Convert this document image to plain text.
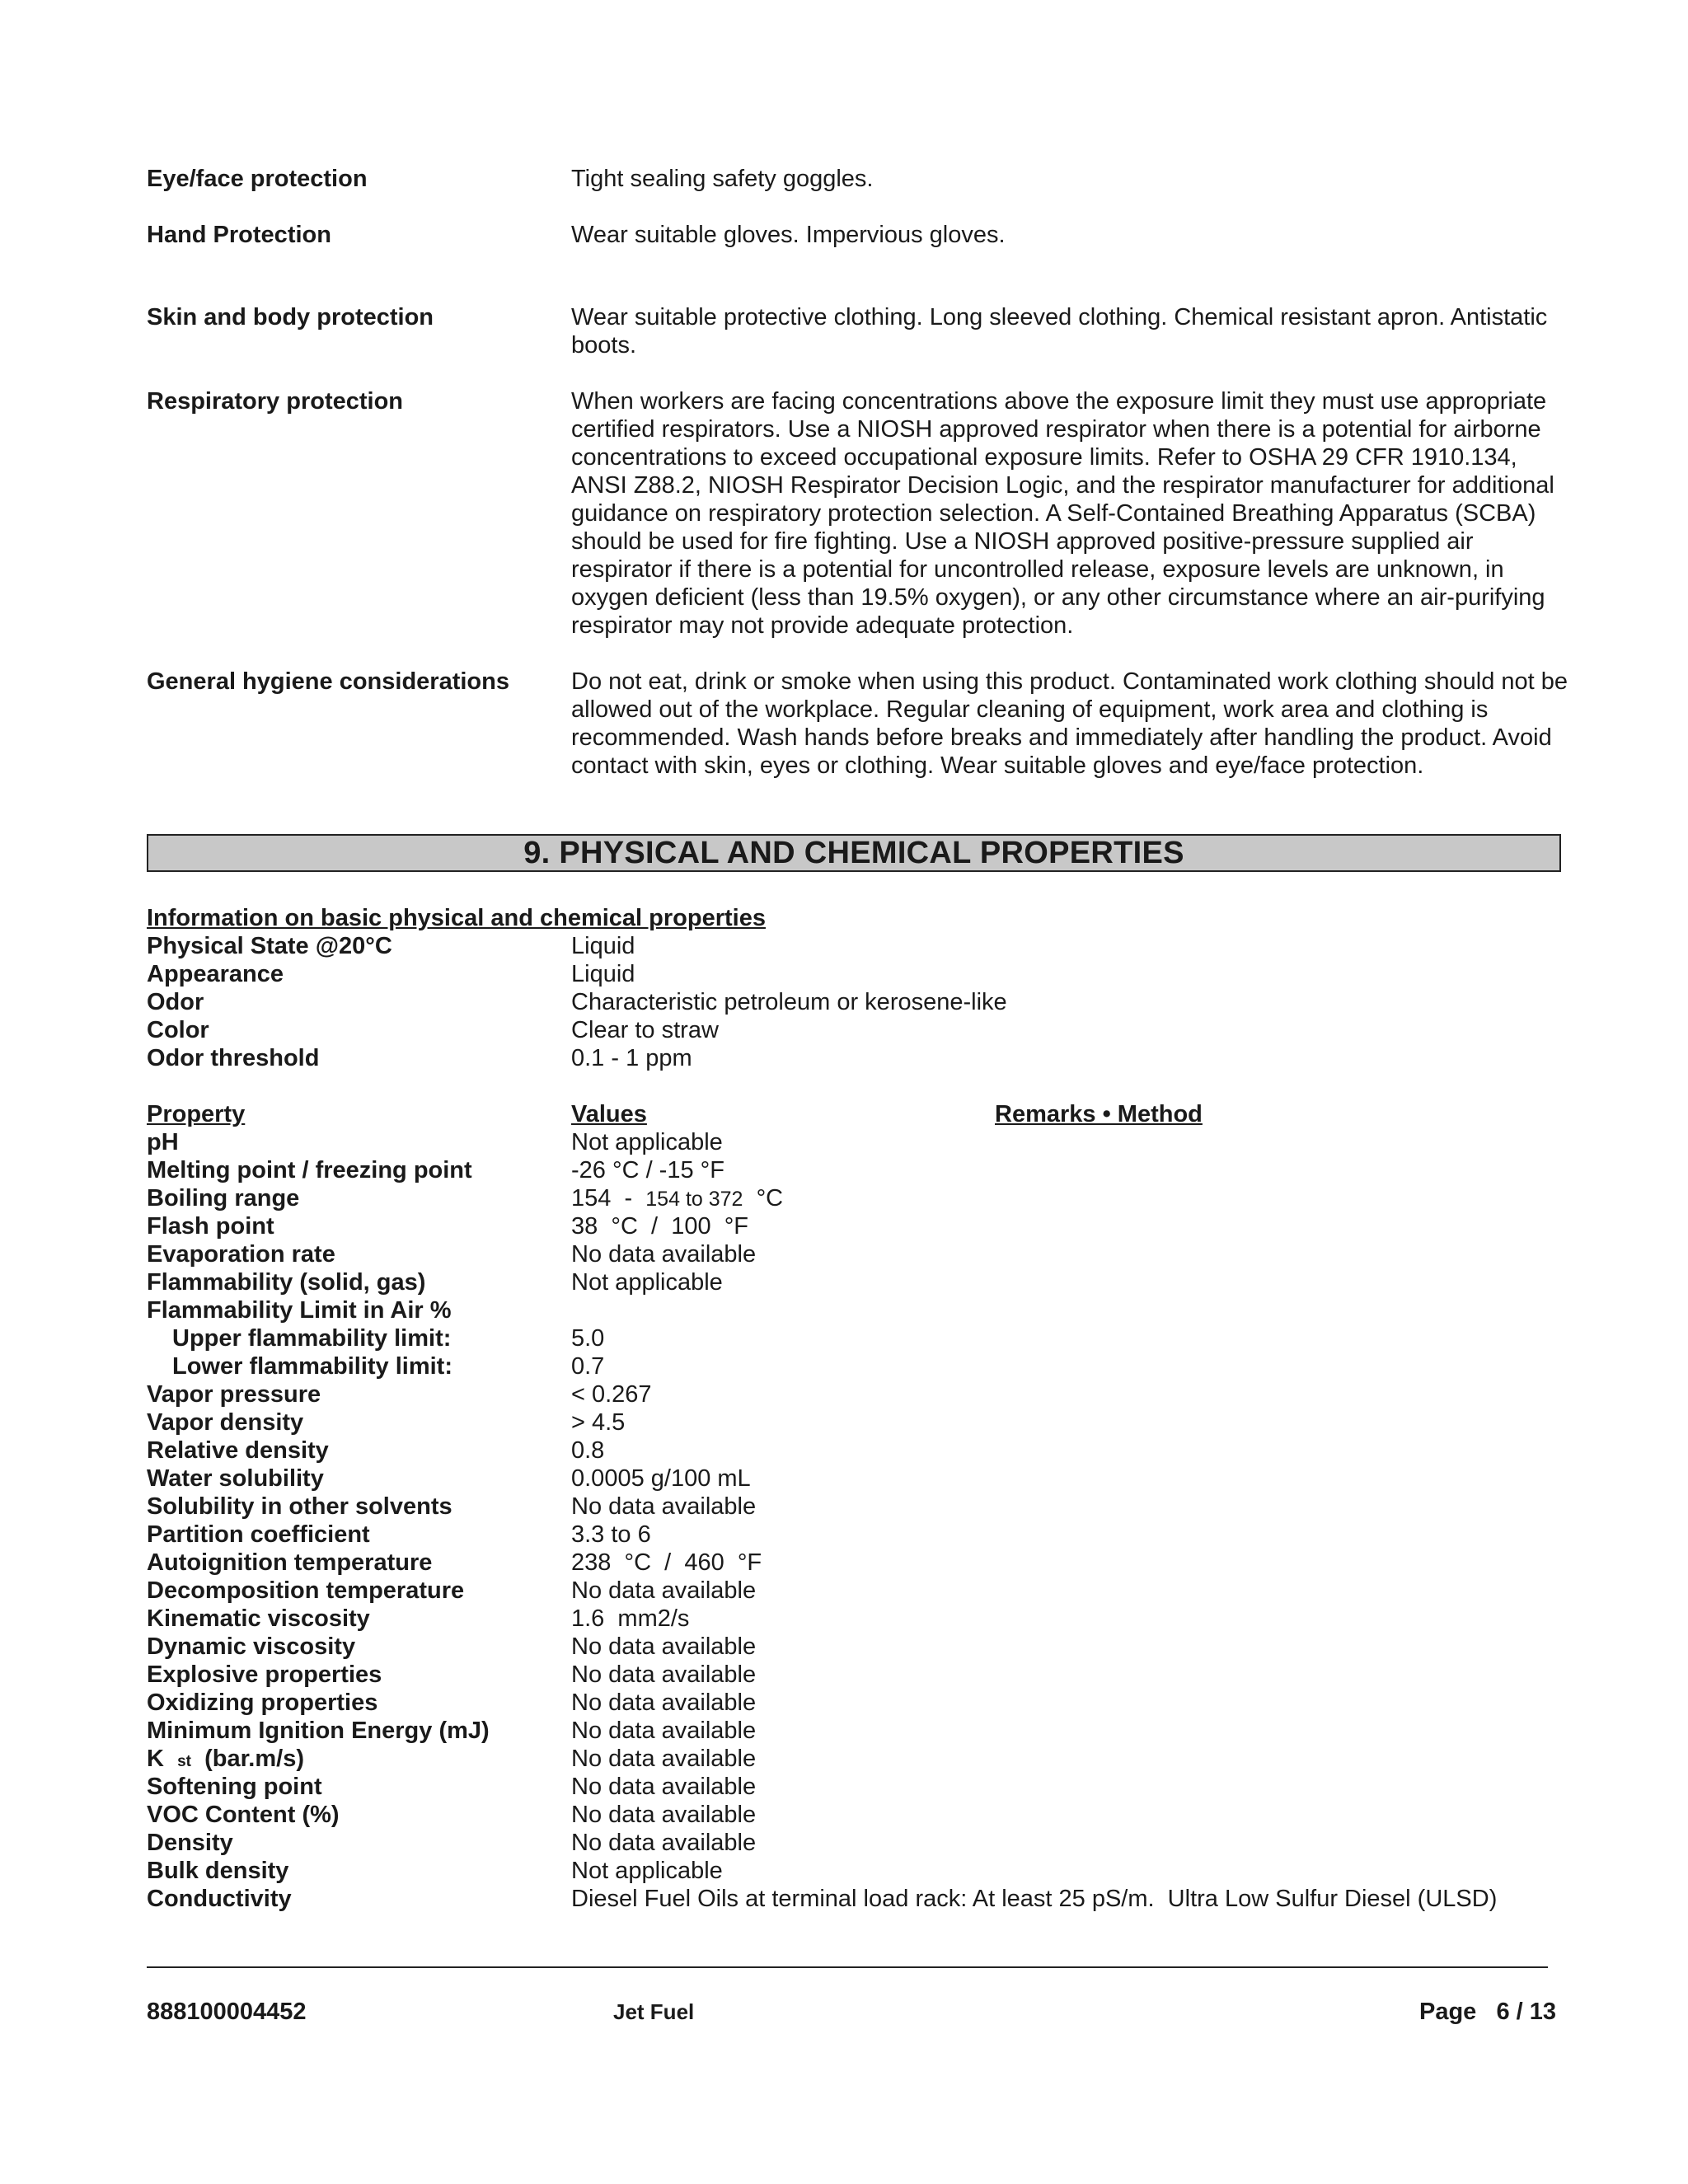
Eye/face protection	Tight sealing safety goggles.
Hand Protection	Wear suitable gloves. Impervious gloves.
Skin and body protection	Wear suitable protective clothing. Long sleeved clothing. Chemical resistant apron. Antistatic boots.
Respiratory protection	When workers are facing concentrations above the exposure limit they must use appropriate certified respirators. Use a NIOSH approved respirator when there is a potential for airborne concentrations to exceed occupational exposure limits. Refer to OSHA 29 CFR 1910.134, ANSI Z88.2, NIOSH Respirator Decision Logic, and the respirator manufacturer for additional guidance on respiratory protection selection. A Self-Contained Breathing Apparatus (SCBA) should be used for fire fighting. Use a NIOSH approved positive-pressure supplied air respirator if there is a potential for uncontrolled release, exposure levels are unknown, in oxygen deficient (less than 19.5% oxygen), or any other circumstance where an air-purifying respirator may not provide adequate protection.
General hygiene considerations	Do not eat, drink or smoke when using this product. Contaminated work clothing should not be allowed out of the workplace. Regular cleaning of equipment, work area and clothing is recommended. Wash hands before breaks and immediately after handling the product. Avoid contact with skin, eyes or clothing. Wear suitable gloves and eye/face protection.
9. PHYSICAL AND CHEMICAL PROPERTIES
Information on basic physical and chemical properties
Physical State @20°C	Liquid
Appearance	Liquid
Odor	Characteristic petroleum or kerosene-like
Color	Clear to straw
Odor threshold	0.1 - 1 ppm
Property	Values	Remarks • Method
pH	Not applicable
Melting point / freezing point	-26 °C / -15 °F
Boiling range	154  -  154 to 372  °C
Flash point	38  °C  /  100  °F
Evaporation rate	No data available
Flammability (solid, gas)	Not applicable
Flammability Limit in Air %
Upper flammability limit:	5.0
Lower flammability limit:	0.7
Vapor pressure	< 0.267
Vapor density	> 4.5
Relative density	0.8
Water solubility	0.0005 g/100 mL
Solubility in other solvents	No data available
Partition coefficient	3.3 to 6
Autoignition temperature	238  °C  /  460  °F
Decomposition temperature	No data available
Kinematic viscosity	1.6  mm2/s
Dynamic viscosity	No data available
Explosive properties	No data available
Oxidizing properties	No data available
Minimum Ignition Energy (mJ)	No data available
K st (bar.m/s)	No data available
Softening point	No data available
VOC Content (%)	No data available
Density	No data available
Bulk density	Not applicable
Conductivity	Diesel Fuel Oils at terminal load rack: At least 25 pS/m.  Ultra Low Sulfur Diesel (ULSD)
888100004452	Jet Fuel	Page 6 / 13
